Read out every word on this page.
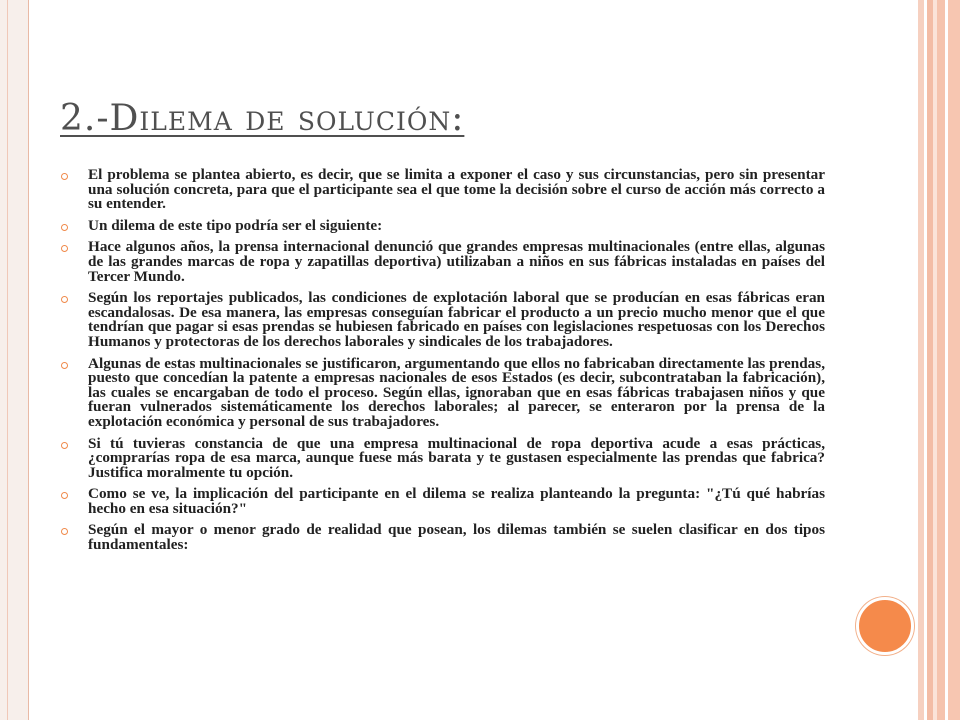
2.-Dilema de solución:
El problema se plantea abierto, es decir, que se limita a exponer el caso y sus circunstancias, pero sin presentar una solución concreta, para que el participante sea el que tome la decisión sobre el curso de acción más correcto a su entender.
Un dilema de este tipo podría ser el siguiente:
Hace algunos años, la prensa internacional denunció que grandes empresas multinacionales (entre ellas, algunas de las grandes marcas de ropa y zapatillas deportiva) utilizaban a niños en sus fábricas instaladas en países del Tercer Mundo.
Según los reportajes publicados, las condiciones de explotación laboral que se producían en esas fábricas eran escandalosas. De esa manera, las empresas conseguían fabricar el producto a un precio mucho menor que el que tendrían que pagar si esas prendas se hubiesen fabricado en países con legislaciones respetuosas con los Derechos Humanos y protectoras de los derechos laborales y sindicales de los trabajadores.
Algunas de estas multinacionales se justificaron, argumentando que ellos no fabricaban directamente las prendas, puesto que concedían la patente a empresas nacionales de esos Estados (es decir, subcontrataban la fabricación), las cuales se encargaban de todo el proceso. Según ellas, ignoraban que en esas fábricas trabajasen niños y que fueran vulnerados sistemáticamente los derechos laborales; al parecer, se enteraron por la prensa de la explotación económica y personal de sus trabajadores.
Si tú tuvieras constancia de que una empresa multinacional de ropa deportiva acude a esas prácticas, ¿comprarías ropa de esa marca, aunque fuese más barata y te gustasen especialmente las prendas que fabrica? Justifica moralmente tu opción.
Como se ve, la implicación del participante en el dilema se realiza planteando la pregunta: "¿Tú qué habrías hecho en esa situación?"
Según el mayor o menor grado de realidad que posean, los dilemas también se suelen clasificar en dos tipos fundamentales:
